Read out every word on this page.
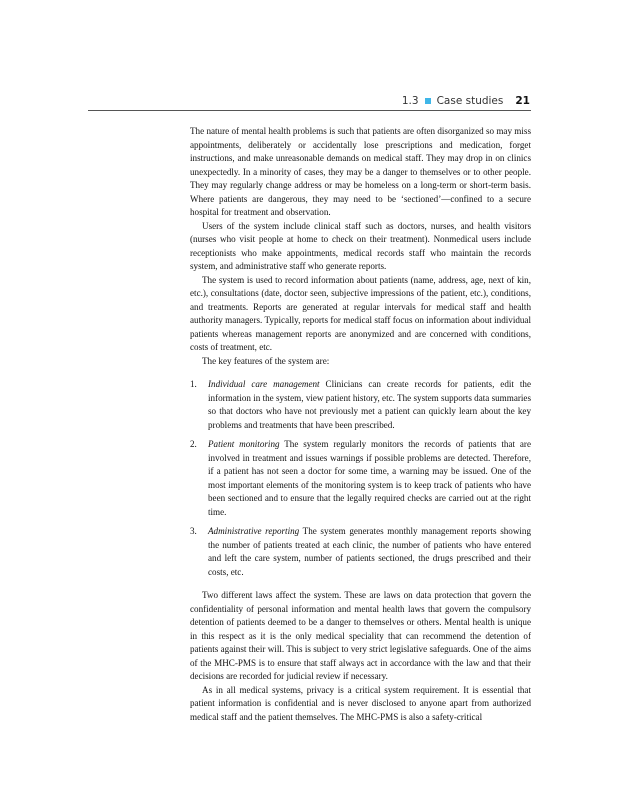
1.3 Case studies 21

The nature of mental health problems is such that patients are often disorganized so may miss appointments, deliberately or accidentally lose prescriptions and medication, forget instructions, and make unreasonable demands on medical staff. They may drop in on clinics unexpectedly. In a minority of cases, they may be a danger to themselves or to other people. They may regularly change address or may be homeless on a long-term or short-term basis. Where patients are dangerous, they may need to be ‘sectioned’—confined to a secure hospital for treatment and observation.

Users of the system include clinical staff such as doctors, nurses, and health visitors (nurses who visit people at home to check on their treatment). Nonmedical users include receptionists who make appointments, medical records staff who maintain the records system, and administrative staff who generate reports.

The system is used to record information about patients (name, address, age, next of kin, etc.), consultations (date, doctor seen, subjective impressions of the patient, etc.), conditions, and treatments. Reports are generated at regular intervals for medical staff and health authority managers. Typically, reports for medical staff focus on information about individual patients whereas management reports are anonymized and are concerned with conditions, costs of treatment, etc.

The key features of the system are:

1.	Individual care management Clinicians can create records for patients, edit the information in the system, view patient history, etc. The system supports data summaries so that doctors who have not previously met a patient can quickly learn about the key problems and treatments that have been prescribed.
2.	Patient monitoring The system regularly monitors the records of patients that are involved in treatment and issues warnings if possible problems are detected. Therefore, if a patient has not seen a doctor for some time, a warning may be issued. One of the most important elements of the monitoring system is to keep track of patients who have been sectioned and to ensure that the legally required checks are carried out at the right time.
3.	Administrative reporting The system generates monthly management reports showing the number of patients treated at each clinic, the number of patients who have entered and left the care system, number of patients sectioned, the drugs prescribed and their costs, etc.

Two different laws affect the system. These are laws on data protection that govern the confidentiality of personal information and mental health laws that govern the compulsory detention of patients deemed to be a danger to themselves or others. Mental health is unique in this respect as it is the only medical speciality that can recommend the detention of patients against their will. This is subject to very strict legislative safeguards. One of the aims of the MHC-PMS is to ensure that staff always act in accordance with the law and that their decisions are recorded for judicial review if necessary.

As in all medical systems, privacy is a critical system requirement. It is essential that patient information is confidential and is never disclosed to anyone apart from authorized medical staff and the patient themselves. The MHC-PMS is also a safety-critical
